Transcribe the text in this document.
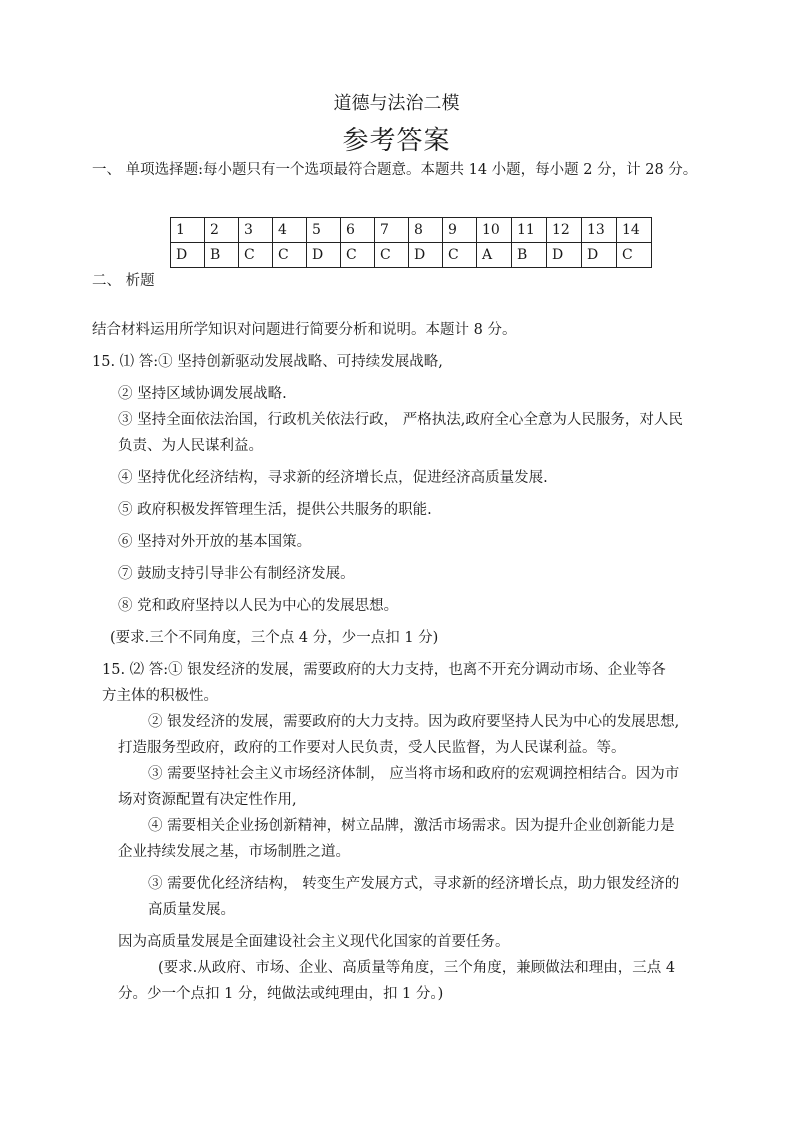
道德与法治二模
参考答案
一、 单项选择题:每小题只有一个选项最符合题意。本题共 14 小题，每小题 2 分，计 28 分。
1	2	3	4	5	6	7	8	9	10	11	12	13	14
D	B	C	C	D	C	C	D	C	A	B	D	D	C
二、 析题
结合材料运用所学知识对问题进行简要分析和说明。本题计 8 分。
15. ⑴ 答:① 坚持创新驱动发展战略、可持续发展战略,
② 坚持区域协调发展战略.
③ 坚持全面依法治国，行政机关依法行政， 严格执法,政府全心全意为人民服务，对人民
负责、为人民谋利益。
④ 坚持优化经济结构，寻求新的经济增长点，促进经济高质量发展.
⑤ 政府积极发挥管理生活，提供公共服务的职能.
⑥ 坚持对外开放的基本国策。
⑦ 鼓励支持引导非公有制经济发展。
⑧ 党和政府坚持以人民为中心的发展思想。
(要求.三个不同角度，三个点 4 分，少一点扣 1 分)
15. ⑵ 答:① 银发经济的发展，需要政府的大力支持，也离不开充分调动市场、企业等各
方主体的积极性。
② 银发经济的发展，需要政府的大力支持。因为政府要坚持人民为中心的发展思想,
打造服务型政府，政府的工作要对人民负责，受人民监督，为人民谋利益。等。
③ 需要坚持社会主义市场经济体制， 应当将市场和政府的宏观调控相结合。因为市
场对资源配置有决定性作用,
④ 需要相关企业扬创新精神，树立品牌，激活市场需求。因为提升企业创新能力是
企业持续发展之基，市场制胜之道。
③ 需要优化经济结构， 转变生产发展方式，寻求新的经济增长点，助力银发经济的
高质量发展。
因为高质量发展是全面建设社会主义现代化国家的首要任务。
(要求.从政府、市场、企业、高质量等角度，三个角度，兼顾做法和理由，三点 4
分。少一个点扣 1 分，纯做法或纯理由，扣 1 分。)
